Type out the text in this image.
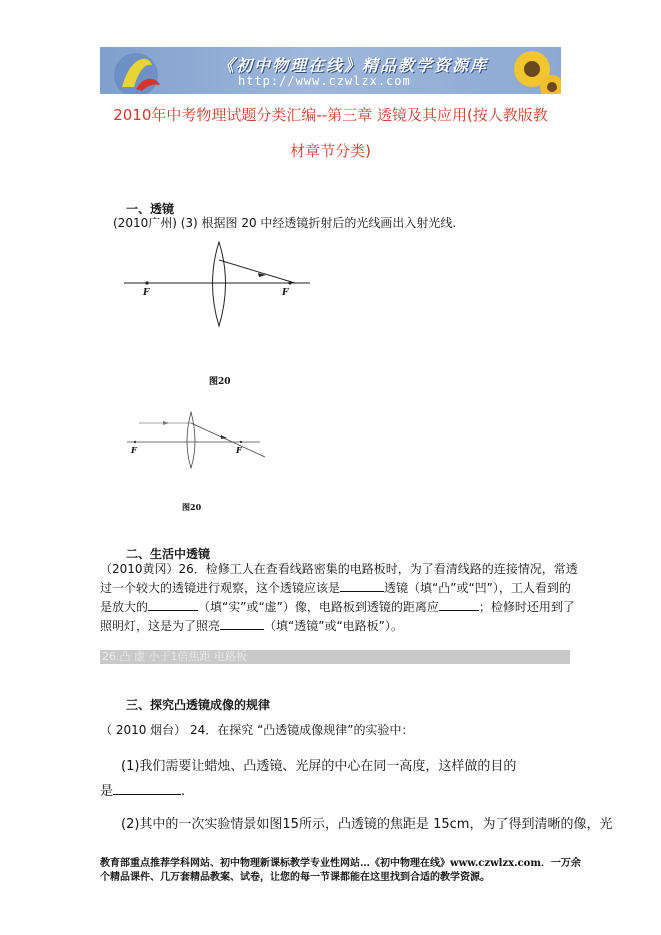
《初中物理在线》精品教学资源库
http://www.czwlzx.com
2010年中考物理试题分类汇编--第三章 透镜及其应用(按人教版教
材章节分类)
一、透镜
(2010广州) (3) 根据图 20 中经透镜折射后的光线画出入射光线.
F	F
图20
F	F
图20
二、生活中透镜
（2010黄冈）26．检修工人在查看线路密集的电路板时，为了看清线路的连接情况，常透
过一个较大的透镜进行观察，这个透镜应该是	透镜（填“凸”或“凹”），工人看到的
是放大的	（填“实”或“虚”）像，电路板到透镜的距离应	；检修时还用到了
照明灯，这是为了照亮	（填“透镜”或“电路板”）。
26.凸 虚 小于1倍焦距 电路板
三、探究凸透镜成像的规律
（ 2010 烟台） 24．在探究 “凸透镜成像规律”的实验中：
(1)我们需要让蜡烛、凸透镜、光屏的中心在同一高度，这样做的目的
是	.
(2)其中的一次实验情景如图15所示，凸透镜的焦距是 15cm，为了得到清晰的像，光
教育部重点推荐学科网站、初中物理新课标教学专业性网站…《初中物理在线》www.czwlzx.com．一万余
个精品课件、几万套精品教案、试卷，让您的每一节课都能在这里找到合适的教学资源。
